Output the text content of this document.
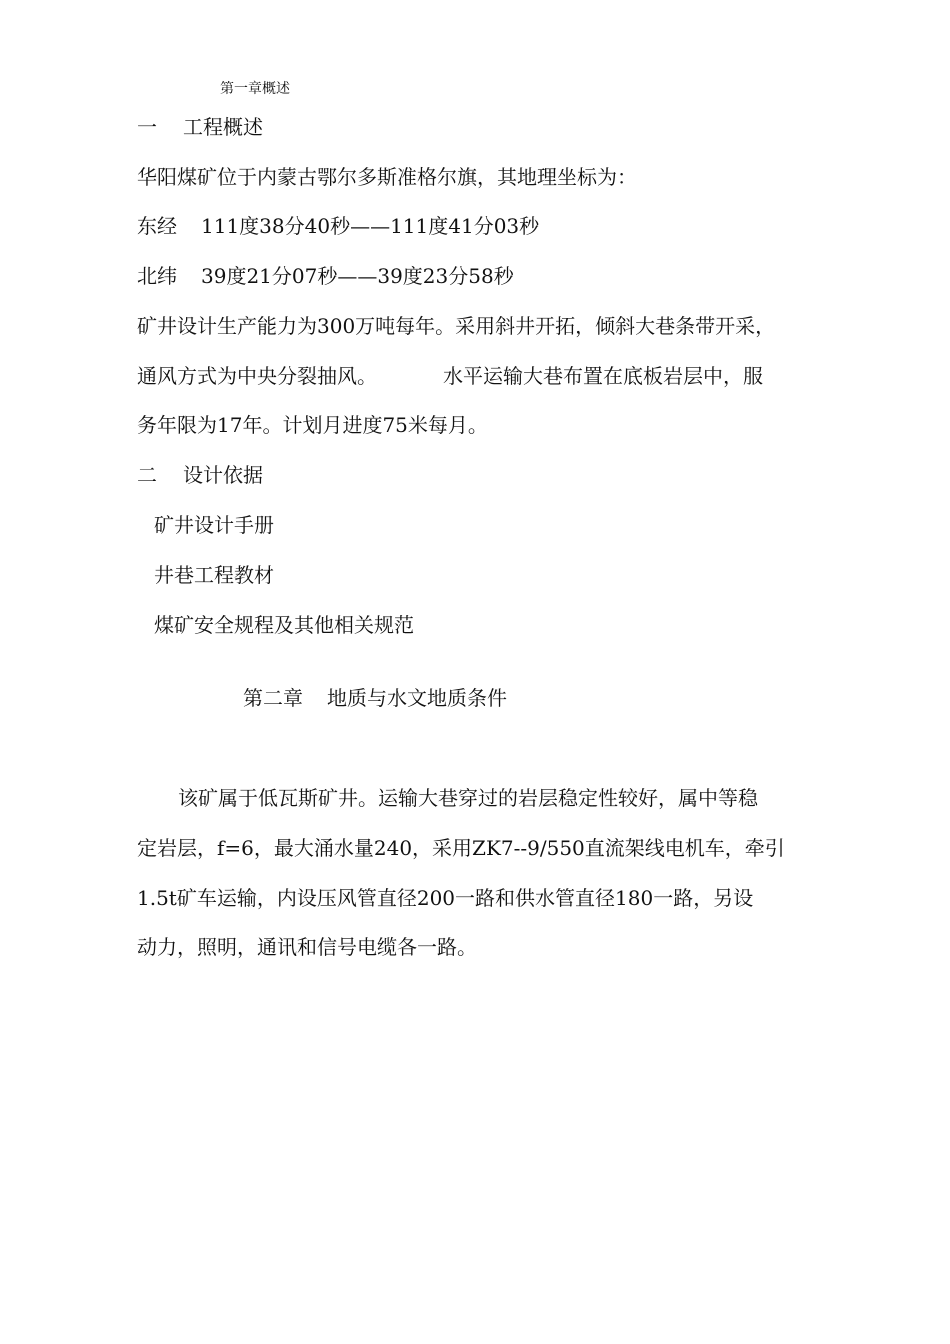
第一章概述
一 工程概述
华阳煤矿位于内蒙古鄂尔多斯准格尔旗，其地理坐标为：
东经 111度38分40秒——111度41分03秒
北纬 39度21分07秒——39度23分58秒
矿井设计生产能力为300万吨每年。采用斜井开拓，倾斜大巷条带开采，
通风方式为中央分裂抽风。	水平运输大巷布置在底板岩层中，服
务年限为17年。计划月进度75米每月。
二 设计依据
矿井设计手册
井巷工程教材
煤矿安全规程及其他相关规范
第二章 地质与水文地质条件
该矿属于低瓦斯矿井。运输大巷穿过的岩层稳定性较好，属中等稳
定岩层，f=6，最大涌水量240，采用ZK7--9/550直流架线电机车，牵引
1.5t矿车运输，内设压风管直径200一路和供水管直径180一路，另设
动力，照明，通讯和信号电缆各一路。
